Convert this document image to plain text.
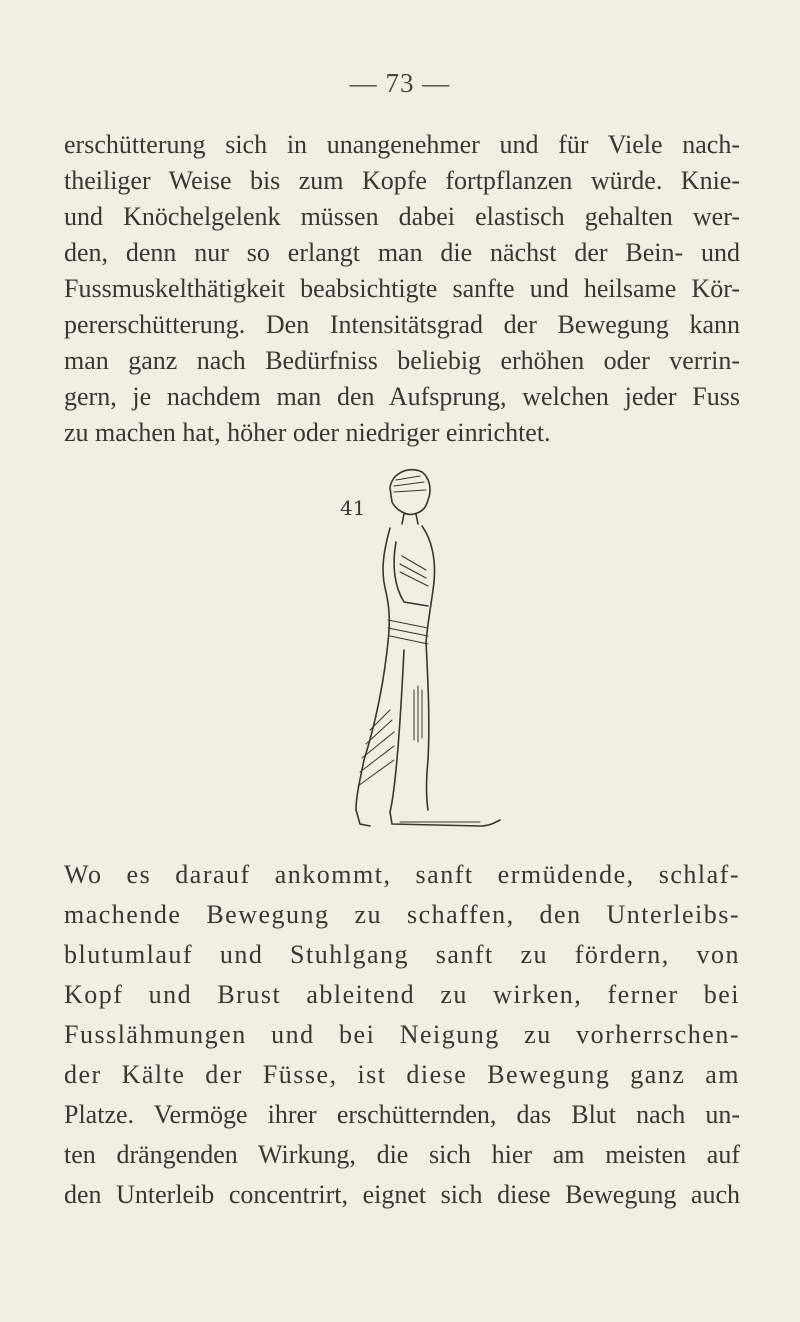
— 73 —
erschütterung sich in unangenehmer und für Viele nach-
theiliger Weise bis zum Kopfe fortpflanzen würde. Knie-
und Knöchelgelenk müssen dabei elastisch gehalten wer-
den, denn nur so erlangt man die nächst der Bein- und
Fussmuskelthätigkeit beabsichtigte sanfte und heilsame Kör-
pererschütterung. Den Intensitätsgrad der Bewegung kann
man ganz nach Bedürfniss beliebig erhöhen oder verrin-
gern, je nachdem man den Aufsprung, welchen jeder Fuss
zu machen hat, höher oder niedriger einrichtet.
41
Wo es darauf ankommt, sanft ermüdende, schlaf-
machende Bewegung zu schaffen, den Unterleibs-
blutumlauf und Stuhlgang sanft zu fördern, von
Kopf und Brust ableitend zu wirken, ferner bei
Fusslähmungen und bei Neigung zu vorherrschen-
der Kälte der Füsse, ist diese Bewegung ganz am
Platze. Vermöge ihrer erschütternden, das Blut nach un-
ten drängenden Wirkung, die sich hier am meisten auf
den Unterleib concentrirt, eignet sich diese Bewegung auch
